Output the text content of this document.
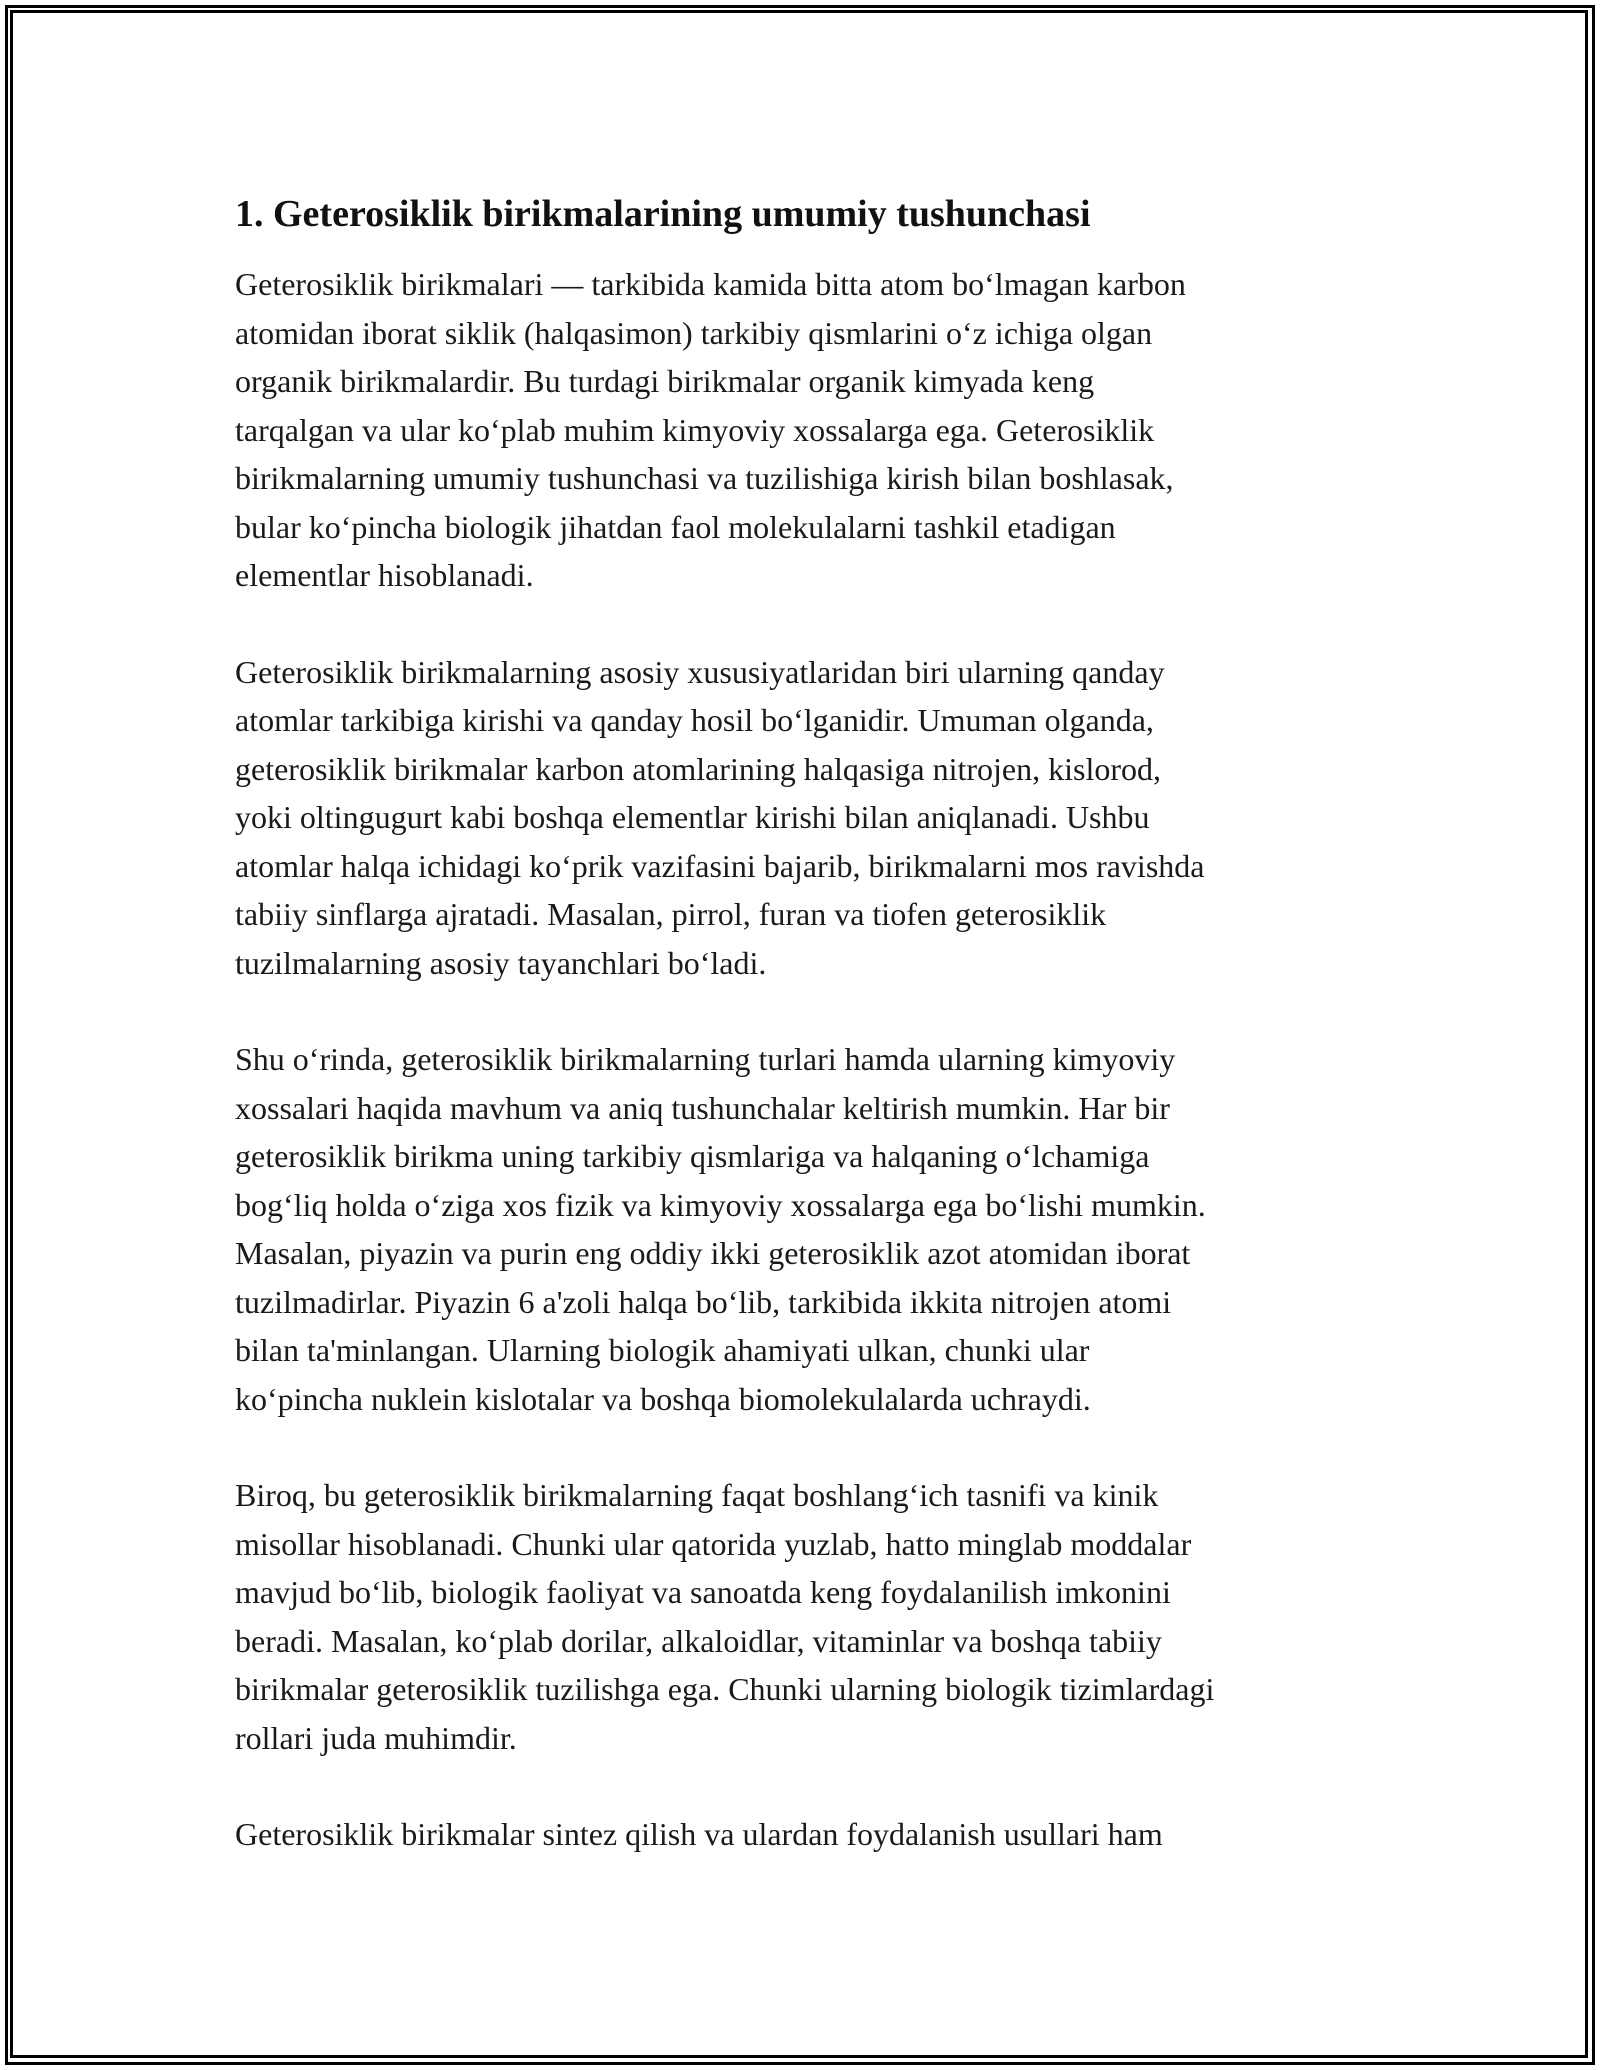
1. Geterosiklik birikmalarining umumiy tushunchasi

Geterosiklik birikmalari — tarkibida kamida bitta atom bo‘lmagan karbon
atomidan iborat siklik (halqasimon) tarkibiy qismlarini o‘z ichiga olgan
organik birikmalardir. Bu turdagi birikmalar organik kimyada keng
tarqalgan va ular ko‘plab muhim kimyoviy xossalarga ega. Geterosiklik
birikmalarning umumiy tushunchasi va tuzilishiga kirish bilan boshlasak,
bular ko‘pincha biologik jihatdan faol molekulalarni tashkil etadigan
elementlar hisoblanadi.

Geterosiklik birikmalarning asosiy xususiyatlaridan biri ularning qanday
atomlar tarkibiga kirishi va qanday hosil bo‘lganidir. Umuman olganda,
geterosiklik birikmalar karbon atomlarining halqasiga nitrojen, kislorod,
yoki oltingugurt kabi boshqa elementlar kirishi bilan aniqlanadi. Ushbu
atomlar halqa ichidagi ko‘prik vazifasini bajarib, birikmalarni mos ravishda
tabiiy sinflarga ajratadi. Masalan, pirrol, furan va tiofen geterosiklik
tuzilmalarning asosiy tayanchlari bo‘ladi.

Shu o‘rinda, geterosiklik birikmalarning turlari hamda ularning kimyoviy
xossalari haqida mavhum va aniq tushunchalar keltirish mumkin. Har bir
geterosiklik birikma uning tarkibiy qismlariga va halqaning o‘lchamiga
bog‘liq holda o‘ziga xos fizik va kimyoviy xossalarga ega bo‘lishi mumkin.
Masalan, piyazin va purin eng oddiy ikki geterosiklik azot atomidan iborat
tuzilmadirlar. Piyazin 6 a'zoli halqa bo‘lib, tarkibida ikkita nitrojen atomi
bilan ta'minlangan. Ularning biologik ahamiyati ulkan, chunki ular
ko‘pincha nuklein kislotalar va boshqa biomolekulalarda uchraydi.

Biroq, bu geterosiklik birikmalarning faqat boshlang‘ich tasnifi va kinik
misollar hisoblanadi. Chunki ular qatorida yuzlab, hatto minglab moddalar
mavjud bo‘lib, biologik faoliyat va sanoatda keng foydalanilish imkonini
beradi. Masalan, ko‘plab dorilar, alkaloidlar, vitaminlar va boshqa tabiiy
birikmalar geterosiklik tuzilishga ega. Chunki ularning biologik tizimlardagi
rollari juda muhimdir.

Geterosiklik birikmalar sintez qilish va ulardan foydalanish usullari ham
